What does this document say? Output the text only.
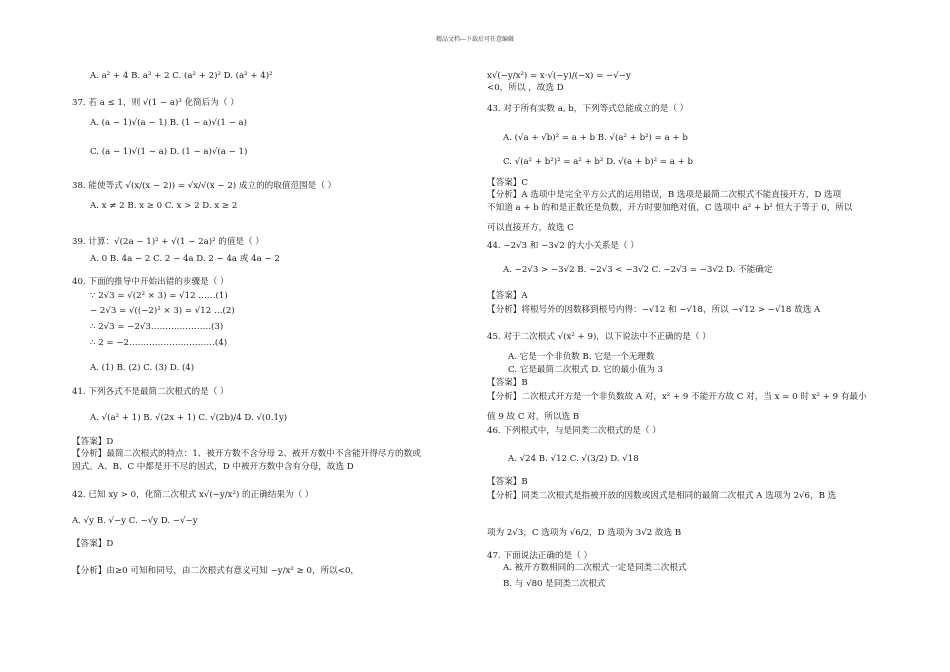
精品文档---下载后可任意编辑
A. a² + 4 B. a² + 2 C. (a² + 2)² D. (a² + 4)²
37. 若 a ≤ 1，则 √(1 − a)³ 化简后为（ ）
A. (a − 1)√(a − 1) B. (1 − a)√(1 − a)
C. (a − 1)√(1 − a) D. (1 − a)√(a − 1)
38. 能使等式 √(x/(x − 2)) = √x/√(x − 2) 成立的的取值范围是（ ）
A. x ≠ 2 B. x ≥ 0 C. x > 2 D. x ≥ 2
39. 计算：√(2a − 1)² + √(1 − 2a)² 的值是（ ）
A. 0 B. 4a − 2 C. 2 − 4a D. 2 − 4a 或 4a − 2
40. 下面的推导中开始出错的步骤是（ ）
∵ 2√3 = √(2² × 3) = √12 ……(1)
− 2√3 = √((−2)² × 3) = √12 …(2)
∴ 2√3 = −2√3…………………(3)
∴ 2 = −2…………………………(4)
A. (1) B. (2) C. (3) D. (4)
41. 下列各式不是最简二次根式的是（ ）
A. √(a² + 1) B. √(2x + 1) C. √(2b)/4 D. √(0.1y)
【答案】D
【分析】最简二次根式的特点：1、被开方数不含分母 2、被开方数中不含能开得尽方的数或
因式。A、B、C 中都是开不尽的因式，D 中被开方数中含有分母，故选 D
42. 已知 xy > 0，化简二次根式 x√(−y/x²) 的正确结果为（ ）
A. √y B. √−y C. −√y D. −√−y
【答案】D
【分析】由≥0 可知和同号，由二次根式有意义可知 −y/x² ≥ 0，所以<0，
x√(−y/x²) = x·√(−y)/(−x) = −√−y
<0，所以 ，故选 D
43. 对于所有实数 a, b，下列等式总能成立的是（ ）
A. (√a + √b)² = a + b B. √(a² + b²) = a + b
C. √(a² + b²)² = a² + b² D. √(a + b)² = a + b
【答案】C
【分析】A 选项中是完全平方公式的运用错误，B 选项是最简二次根式不能直接开方，D 选项
不知道 a + b 的和是正数还是负数，开方时要加绝对值，C 选项中 a² + b² 恒大于等于 0，所以
可以直接开方，故选 C
44. −2√3 和 −3√2 的大小关系是（ ）
A. −2√3 > −3√2 B. −2√3 < −3√2 C. −2√3 = −3√2 D. 不能确定
【答案】A
【分析】将根号外的因数移到根号内得：−√12 和 −√18，所以 −√12 > −√18 故选 A
45. 对于二次根式 √(x² + 9)，以下说法中不正确的是（ ）
A. 它是一个非负数 B. 它是一个无理数
C. 它是最简二次根式 D. 它的最小值为 3
【答案】B
【分析】二次根式开方是一个非负数故 A 对，x² + 9 不能开方故 C 对，当 x = 0 时 x² + 9 有最小
值 9 故 C 对，所以选 B
46. 下列根式中，与是同类二次根式的是（ ）
A. √24 B. √12 C. √(3/2) D. √18
【答案】B
【分析】同类二次根式是指被开放的因数或因式是相同的最简二次根式 A 选项为 2√6，B 选
项为 2√3，C 选项为 √6/2，D 选项为 3√2 故选 B
47. 下面说法正确的是（ ）
A. 被开方数相同的二次根式一定是同类二次根式
B. 与 √80 是同类二次根式
